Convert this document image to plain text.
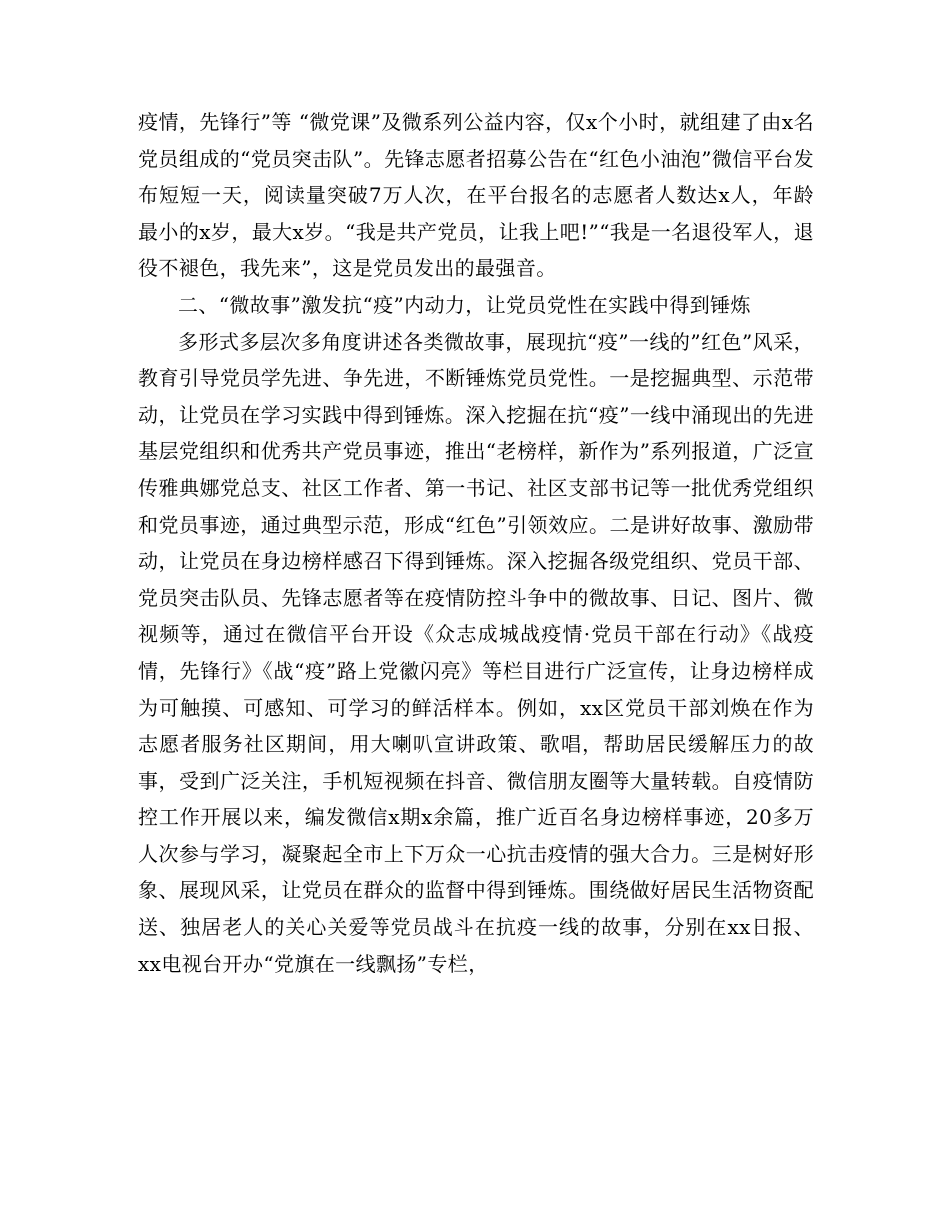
疫情，先锋行”等 “微党课”及微系列公益内容，仅x个小时，就组建了由x名党员组成的“党员突击队”。先锋志愿者招募公告在“红色小油泡”微信平台发布短短一天，阅读量突破7万人次，在平台报名的志愿者人数达x人，年龄最小的x岁，最大x岁。“我是共产党员，让我上吧!”“我是一名退役军人，退役不褪色，我先来”，这是党员发出的最强音。

二、“微故事”激发抗“疫”内动力，让党员党性在实践中得到锤炼

多形式多层次多角度讲述各类微故事，展现抗“疫”一线的”红色”风采，教育引导党员学先进、争先进，不断锤炼党员党性。一是挖掘典型、示范带动，让党员在学习实践中得到锤炼。深入挖掘在抗“疫”一线中涌现出的先进基层党组织和优秀共产党员事迹，推出“老榜样，新作为”系列报道，广泛宣传雅典娜党总支、社区工作者、第一书记、社区支部书记等一批优秀党组织和党员事迹，通过典型示范，形成“红色”引领效应。二是讲好故事、激励带动，让党员在身边榜样感召下得到锤炼。深入挖掘各级党组织、党员干部、党员突击队员、先锋志愿者等在疫情防控斗争中的微故事、日记、图片、微视频等，通过在微信平台开设《众志成城战疫情·党员干部在行动》《战疫情，先锋行》《战“疫”路上党徽闪亮》等栏目进行广泛宣传，让身边榜样成为可触摸、可感知、可学习的鲜活样本。例如，xx区党员干部刘焕在作为志愿者服务社区期间，用大喇叭宣讲政策、歌唱，帮助居民缓解压力的故事，受到广泛关注，手机短视频在抖音、微信朋友圈等大量转载。自疫情防控工作开展以来，编发微信x期x余篇，推广近百名身边榜样事迹，20多万人次参与学习，凝聚起全市上下万众一心抗击疫情的强大合力。三是树好形象、展现风采，让党员在群众的监督中得到锤炼。围绕做好居民生活物资配送、独居老人的关心关爱等党员战斗在抗疫一线的故事，分别在xx日报、xx电视台开办“党旗在一线飘扬”专栏，
